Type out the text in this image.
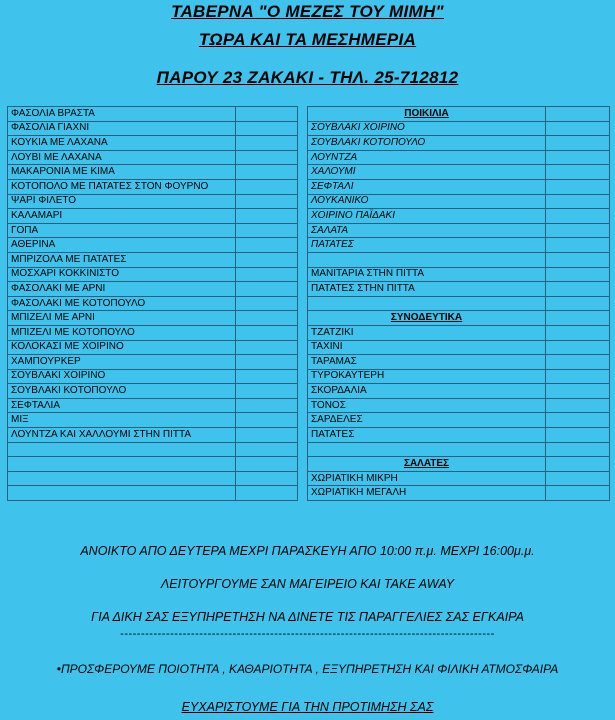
ΤΑΒΕΡΝΑ "Ο ΜΕΖΕΣ ΤΟΥ ΜΙΜΗ"
ΤΩΡΑ ΚΑΙ ΤΑ ΜΕΣΗΜΕΡΙΑ
ΠΑΡΟΥ 23 ΖΑΚΑΚΙ - ΤΗΛ. 25-712812
ΦΑΣΟΛΙΑ ΒΡΑΣΤΑ	
ΦΑΣΟΛΙΑ ΓΙΑΧΝΙ	
ΚΟΥΚΙΑ ΜΕ ΛΑΧΑΝΑ	
ΛΟΥΒΙ ΜΕ ΛΑΧΑΝΑ	
ΜΑΚΑΡΟΝΙΑ ΜΕ ΚΙΜΑ	
ΚΟΤΟΠΟΛΟ ΜΕ ΠΑΤΑΤΕΣ ΣΤΟΝ ΦΟΥΡΝΟ	
ΨΑΡΙ ΦΙΛΕΤΟ	
ΚΑΛΑΜΑΡΙ	
ΓΟΠΑ	
ΑΘΕΡΙΝΑ	
ΜΠΡΙΖΟΛΑ ΜΕ ΠΑΤΑΤΕΣ	
ΜΟΣΧΑΡΙ ΚΟΚΚΙΝΙΣΤΟ	
ΦΑΣΟΛΑΚΙ ΜΕ ΑΡΝΙ	
ΦΑΣΟΛΑΚΙ ΜΕ ΚΟΤΟΠΟΥΛΟ	
ΜΠΙΖΕΛΙ ΜΕ ΑΡΝΙ	
ΜΠΙΖΕΛΙ ΜΕ ΚΟΤΟΠΟΥΛΟ	
ΚΟΛΟΚΑΣΙ ΜΕ ΧΟΙΡΙΝΟ	
ΧΑΜΠΟΥΡΚΕΡ	
ΣΟΥΒΛΑΚΙ ΧΟΙΡΙΝΟ	
ΣΟΥΒΛΑΚΙ ΚΟΤΟΠΟΥΛΟ	
ΣΕΦΤΑΛΙΑ	
ΜΙΞ	
ΛΟΥΝΤΖΑ ΚΑΙ ΧΑΛΛΟΥΜΙ ΣΤΗΝ ΠΙΤΤΑ	

ΠΟΙΚΙΛΙΑ	
ΣΟΥΒΛΑΚΙ ΧΟΙΡΙΝΟ	
ΣΟΥΒΛΑΚΙ ΚΟΤΟΠΟΥΛΟ	
ΛΟΥΝΤΖΑ	
ΧΑΛΟΥΜΙ	
ΣΕΦΤΑΛΙ	
ΛΟΥΚΑΝΙΚΟ	
ΧΟΙΡΙΝΟ ΠΑΪΔΑΚΙ	
ΣΑΛΑΤΑ	
ΠΑΤΑΤΕΣ	

ΜΑΝΙΤΑΡΙΑ ΣΤΗΝ ΠΙΤΤΑ	
ΠΑΤΑΤΕΣ ΣΤΗΝ ΠΙΤΤΑ	

ΣΥΝΟΔΕΥΤΙΚΑ	
ΤΖΑΤΖΙΚΙ	
ΤΑΧΙΝΙ	
ΤΑΡΑΜΑΣ	
ΤΥΡΟΚΑΥΤΕΡΗ	
ΣΚΟΡΔΑΛΙΑ	
ΤΟΝΟΣ	
ΣΑΡΔΕΛΕΣ	
ΠΑΤΑΤΕΣ	

ΣΑΛΑΤΕΣ	
ΧΩΡΙΑΤΙΚΗ ΜΙΚΡΗ	
ΧΩΡΙΑΤΙΚΗ ΜΕΓΑΛΗ	
ΑΝΟΙΚΤΟ ΑΠΟ ΔΕΥΤΕΡΑ ΜΕΧΡΙ ΠΑΡΑΣΚΕΥΗ ΑΠΟ 10:00 π.μ. ΜΕΧΡΙ 16:00μ.μ.
ΛΕΙΤΟΥΡΓΟΥΜΕ ΣΑΝ ΜΑΓΕΙΡΕΙΟ ΚΑΙ TAKE AWAY
ΓΙΑ ΔΙΚΗ ΣΑΣ ΕΞΥΠΗΡΕΤΗΣΗ ΝΑ ΔΙΝΕΤΕ ΤΙΣ ΠΑΡΑΓΓΕΛΙΕΣ ΣΑΣ ΕΓΚΑΙΡΑ
------------------------------------------------------------------------------------------
•ΠΡΟΣΦΕΡΟΥΜΕ ΠΟΙΟΤΗΤΑ , ΚΑΘΑΡΙΟΤΗΤΑ , ΕΞΥΠΗΡΕΤΗΣΗ ΚΑΙ ΦΙΛΙΚΗ ΑΤΜΟΣΦΑΙΡΑ
ΕΥΧΑΡΙΣΤΟΥΜΕ ΓΙΑ ΤΗΝ ΠΡΟΤΙΜΗΣΗ ΣΑΣ
